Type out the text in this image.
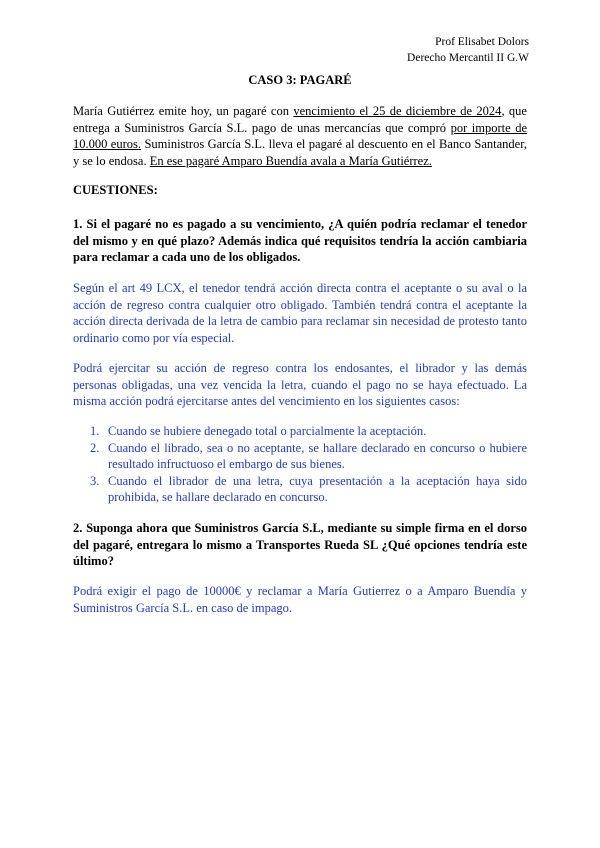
Prof Elisabet Dolors
Derecho Mercantil II G.W
CASO 3: PAGARÉ
María Gutiérrez emite hoy, un pagaré con vencimiento el 25 de diciembre de 2024, que entrega a Suministros García S.L. pago de unas mercancías que compró por importe de 10.000 euros. Suministros García S.L. lleva el pagaré al descuento en el Banco Santander, y se lo endosa. En ese pagaré Amparo Buendía avala a María Gutiérrez.
CUESTIONES:
1. Si el pagaré no es pagado a su vencimiento, ¿A quién podría reclamar el tenedor del mismo y en qué plazo? Además indica qué requisitos tendría la acción cambiaria para reclamar a cada uno de los obligados.
Según el art 49 LCX, el tenedor tendrá acción directa contra el aceptante o su aval o la acción de regreso contra cualquier otro obligado. También tendrá contra el aceptante la acción directa derivada de la letra de cambio para reclamar sin necesidad de protesto tanto ordinario como por vía especial.
Podrá ejercitar su acción de regreso contra los endosantes, el librador y las demás personas obligadas, una vez vencida la letra, cuando el pago no se haya efectuado. La misma acción podrá ejercitarse antes del vencimiento en los siguientes casos:
1. Cuando se hubiere denegado total o parcialmente la aceptación.
2. Cuando el librado, sea o no aceptante, se hallare declarado en concurso o hubiere resultado infructuoso el embargo de sus bienes.
3. Cuando el librador de una letra, cuya presentación a la aceptación haya sido prohibida, se hallare declarado en concurso.
2. Suponga ahora que Suministros García S.L, mediante su simple firma en el dorso del pagaré, entregara lo mismo a Transportes Rueda SL ¿Qué opciones tendría este último?
Podrá exigir el pago de 10000€ y reclamar a María Gutierrez o a Amparo Buendía y Suministros García S.L. en caso de impago.
